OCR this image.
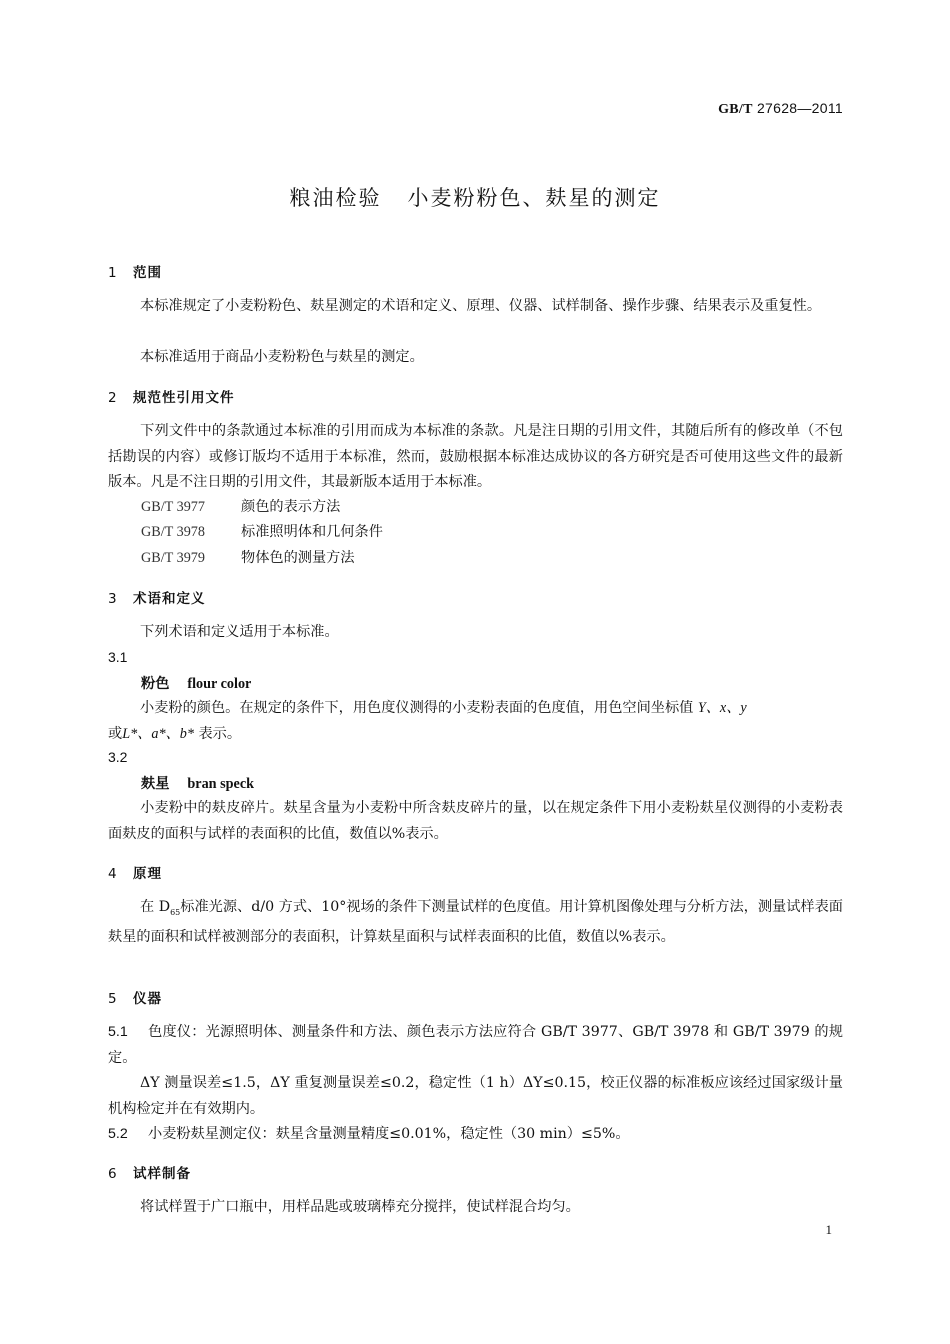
GB/T 27628—2011
粮油检验 小麦粉粉色、麸星的测定
1 范围
本标准规定了小麦粉粉色、麸星测定的术语和定义、原理、仪器、试样制备、操作步骤、结果表示及重复性。
本标准适用于商品小麦粉粉色与麸星的测定。
2 规范性引用文件
下列文件中的条款通过本标准的引用而成为本标准的条款。凡是注日期的引用文件，其随后所有的修改单（不包括勘误的内容）或修订版均不适用于本标准，然而，鼓励根据本标准达成协议的各方研究是否可使用这些文件的最新版本。凡是不注日期的引用文件，其最新版本适用于本标准。
GB/T 3977	颜色的表示方法
GB/T 3978	标准照明体和几何条件
GB/T 3979	物体色的测量方法
3 术语和定义
下列术语和定义适用于本标准。
3.1
粉色 flour color
小麦粉的颜色。在规定的条件下，用色度仪测得的小麦粉表面的色度值，用色空间坐标值 Y、x、y
或L*、a*、b* 表示。
3.2
麸星 bran speck
小麦粉中的麸皮碎片。麸星含量为小麦粉中所含麸皮碎片的量，以在规定条件下用小麦粉麸星仪测得的小麦粉表面麸皮的面积与试样的表面积的比值，数值以%表示。
4 原理
在 $D_{65}$标准光源、d/0 方式、10°视场的条件下测量试样的色度值。用计算机图像处理与分析方法，测量试样表面麸星的面积和试样被测部分的表面积，计算麸星面积与试样表面积的比值，数值以%表示。
5 仪器
5.1 色度仪：光源照明体、测量条件和方法、颜色表示方法应符合 GB/T 3977、GB/T 3978 和 GB/T 3979 的规定。
ΔY 测量误差≤1.5，ΔY 重复测量误差≤0.2，稳定性（1 h）ΔY≤0.15，校正仪器的标准板应该经过国家级计量机构检定并在有效期内。
5.2 小麦粉麸星测定仪：麸星含量测量精度≤0.01%，稳定性（30 min）≤5%。
6 试样制备
将试样置于广口瓶中，用样品匙或玻璃棒充分搅拌，使试样混合均匀。
1
